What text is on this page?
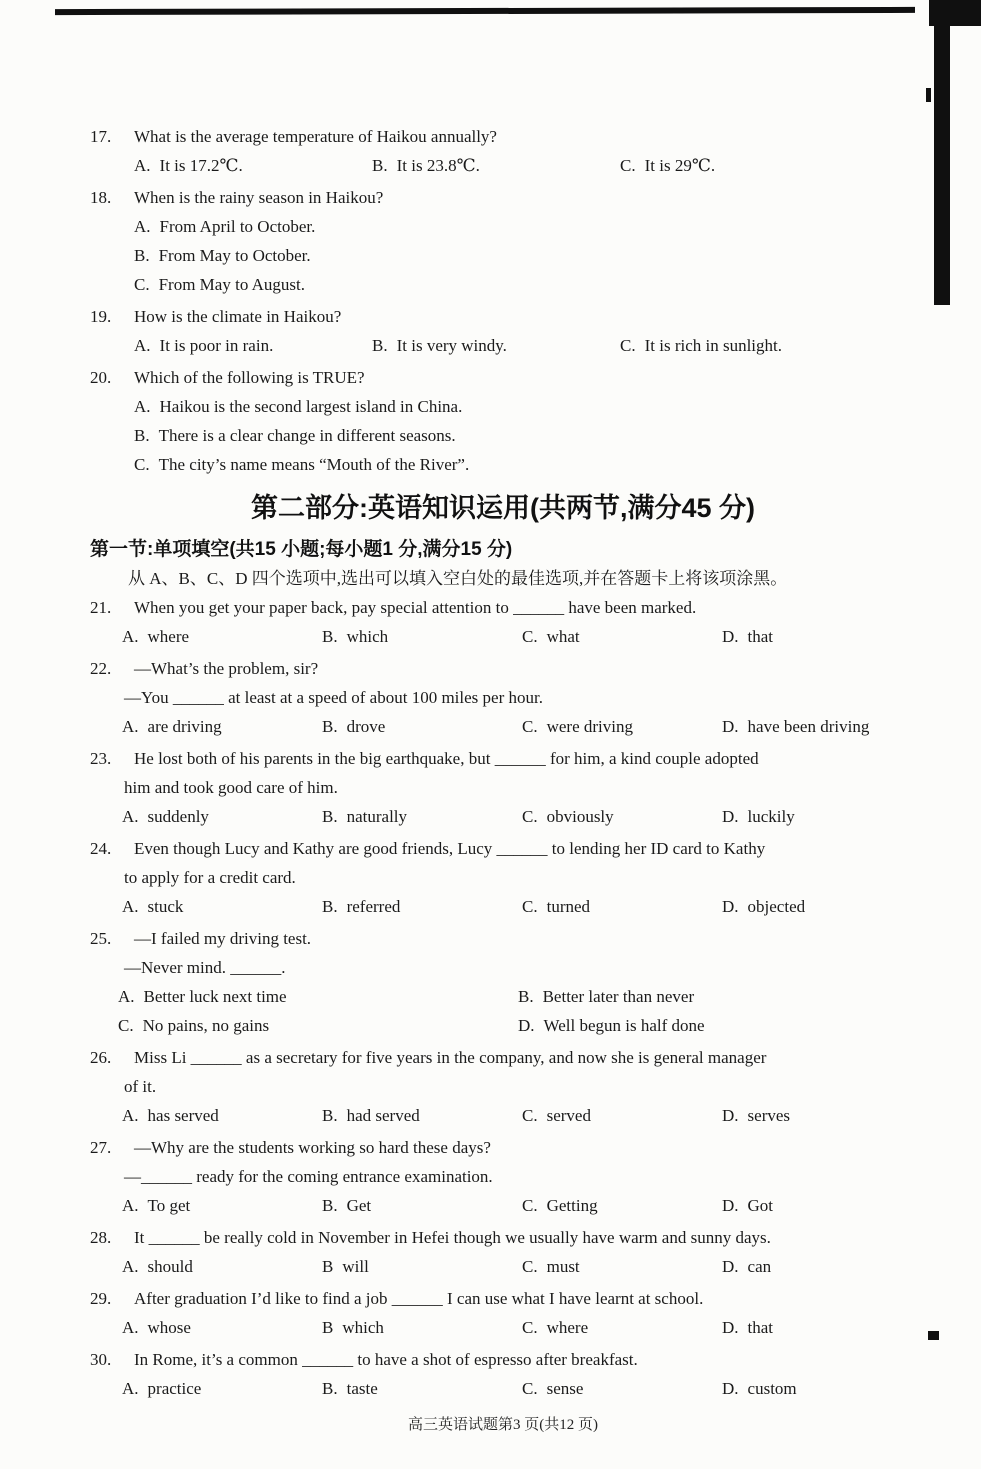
17.	What is the average temperature of Haikou annually?
A. It is 17.2℃.	B. It is 23.8℃.	C. It is 29℃.
18.	When is the rainy season in Haikou?
A. From April to October.
B. From May to October.
C. From May to August.
19.	How is the climate in Haikou?
A. It is poor in rain.	B. It is very windy.	C. It is rich in sunlight.
20.	Which of the following is TRUE?
A. Haikou is the second largest island in China.
B. There is a clear change in different seasons.
C. The city’s name means “Mouth of the River”.
第二部分:英语知识运用(共两节,满分45 分)
第一节:单项填空(共15 小题;每小题1 分,满分15 分)
从 A、B、C、D 四个选项中,选出可以填入空白处的最佳选项,并在答题卡上将该项涂黑。
21.	When you get your paper back, pay special attention to ______ have been marked.
A. where	B. which	C. what	D. that
22.	—What’s the problem, sir?
—You ______ at least at a speed of about 100 miles per hour.
A. are driving	B. drove	C. were driving	D. have been driving
23.	He lost both of his parents in the big earthquake, but ______ for him, a kind couple adopted
him and took good care of him.
A. suddenly	B. naturally	C. obviously	D. luckily
24.	Even though Lucy and Kathy are good friends, Lucy ______ to lending her ID card to Kathy
to apply for a credit card.
A. stuck	B. referred	C. turned	D. objected
25.	—I failed my driving test.
—Never mind. ______.
A. Better luck next time	B. Better later than never
C. No pains, no gains	D. Well begun is half done
26.	Miss Li ______ as a secretary for five years in the company, and now she is general manager
of it.
A. has served	B. had served	C. served	D. serves
27.	—Why are the students working so hard these days?
—______ ready for the coming entrance examination.
A. To get	B. Get	C. Getting	D. Got
28.	It ______ be really cold in November in Hefei though we usually have warm and sunny days.
A. should	B will	C. must	D. can
29.	After graduation I’d like to find a job ______ I can use what I have learnt at school.
A. whose	B which	C. where	D. that
30.	In Rome, it’s a common ______ to have a shot of espresso after breakfast.
A. practice	B. taste	C. sense	D. custom
高三英语试题第3 页(共12 页)
